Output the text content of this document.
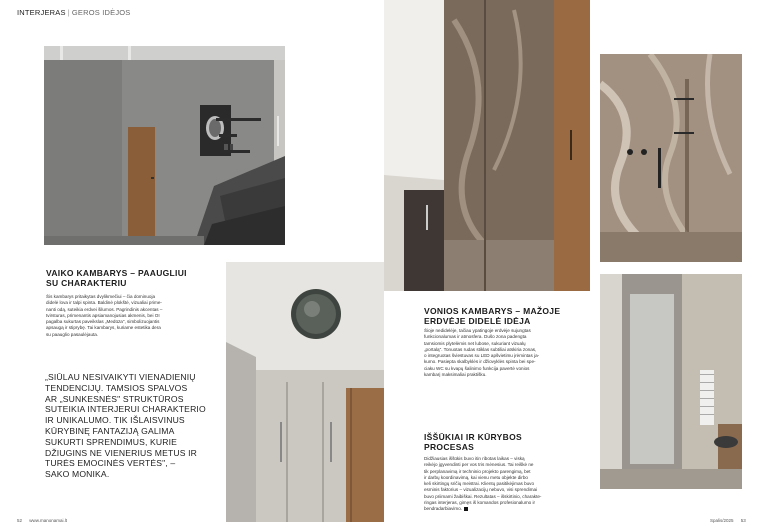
INTERJERAS | GEROS IDĖJOS
VAIKO KAMBARYS – PAAUGLIUI
SU CHARAKTERIU
Šis kambarys pritaikytas dvylikmečiui – čia dominuoja
didelė lova ir talpi spinta. Baldinė plokštė, vizualiai prime-
nanti odą, suteikia erdvei šilumos. Pagrindinis akcentas –
tvirsturas, primenantis apsiamanojusias akmenis, bei OI
pagalba sukurtas paveikslas „Medūza", simbolizuojantis
apsaugą ir stiprybę. Tai kambarys, kuriame estetika dera
su paauglio pasaulėjauta.
„SIŪLAU NESIVAIKYTI VIENADIENIŲ
TENDENCIJŲ. TAMSIOS SPALVOS
AR „SUNKESNĖS" STRUKTŪROS
SUTEIKIA INTERJERUI CHARAKTERIO
IR UNIKALUMO. TIK IŠLAISVINUS
KŪRYBINĘ FANTAZIJĄ GALIMA
SUKURTI SPRENDIMUS, KURIE
DŽIUGINS NE VIENERIUS METUS IR
TURĖS EMOCINĖS VERTĖS", –
SAKO MONIKA.
52 www.manonamai.lt
VONIOS KAMBARYS – MAŽOJE
ERDVĖJE DIDELĖ IDĖJA
Šioje nedidelėje, tačiau ypatingoje erdvėje sujungtas
funkcionalumas ir atmosfera. Dušo zona padengta
tamsiomis plytelėmis net lubose, sukuriant vizualų
„portalą". Tonuotas rudas stiklas subtiliai atskiria zonas,
o integruotas šviestuvas su LED apšvietimu įrėmintas ja-
kumo. Pasiepta skalbyklės ir džiovyklės spinta bei spe-
ciaku WC su kvapų šalinimo funkcija pavertė vonios
kambarį maksimaliai praktišku.
IŠŠŪKIAI IR KŪRYBOS
PROCESAS
Didžiausias iššūkis buvo itin ribotas laikas – viską
reikėjo įgyvendinti per vos tris mėnesius. Tai reiškė ne
tik perplanavimą ir techninio projekto parengimą, bet
ir darbų koordinavimą, kai vienu metu objekte dirbo
keli skirtingų sričių meistrai. Klientų pasitikėjimas buvo
esminis faktorius – vizualizacijų nebuvo, visi sprendimai
buvo priimami žaibiškai. Rezultatas – išskirtinio, charakte-
ringas interjeras, gimęs iš komandos profesionalumo ir
bendradarbiavimo.
Spalis/2025 53
